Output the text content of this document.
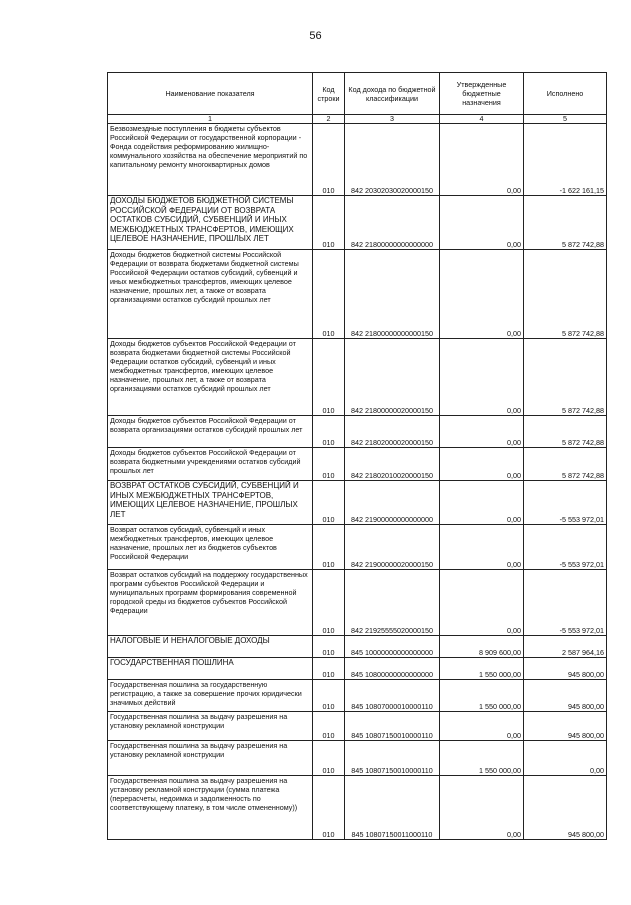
56
Наименование показателя	Код строки	Код дохода по бюджетной классификации	Утвержденные бюджетные назначения	Исполнено
1	2	3	4	5
Безвозмездные поступления в бюджеты субъектов Российской Федерации от государственной корпорации - Фонда содействия реформированию жилищно-коммунального хозяйства на обеспечение мероприятий по капитальному ремонту многоквартирных домов	010	842 20302030020000150	0,00	-1 622 161,15
ДОХОДЫ БЮДЖЕТОВ БЮДЖЕТНОЙ СИСТЕМЫ РОССИЙСКОЙ ФЕДЕРАЦИИ ОТ ВОЗВРАТА ОСТАТКОВ СУБСИДИЙ, СУБВЕНЦИЙ И ИНЫХ МЕЖБЮДЖЕТНЫХ ТРАНСФЕРТОВ, ИМЕЮЩИХ ЦЕЛЕВОЕ НАЗНАЧЕНИЕ, ПРОШЛЫХ ЛЕТ	010	842 21800000000000000	0,00	5 872 742,88
Доходы бюджетов бюджетной системы Российской Федерации от возврата бюджетами бюджетной системы Российской Федерации остатков субсидий, субвенций и иных межбюджетных трансфертов, имеющих целевое назначение, прошлых лет, а также от возврата организациями остатков субсидий прошлых лет	010	842 21800000000000150	0,00	5 872 742,88
Доходы бюджетов субъектов Российской Федерации от возврата бюджетами бюджетной системы Российской Федерации остатков субсидий, субвенций и иных межбюджетных трансфертов, имеющих целевое назначение, прошлых лет, а также от возврата организациями остатков субсидий прошлых лет	010	842 21800000020000150	0,00	5 872 742,88
Доходы бюджетов субъектов Российской Федерации от возврата организациями остатков субсидий прошлых лет	010	842 21802000020000150	0,00	5 872 742,88
Доходы бюджетов субъектов Российской Федерации от возврата бюджетными учреждениями остатков субсидий прошлых лет	010	842 21802010020000150	0,00	5 872 742,88
ВОЗВРАТ ОСТАТКОВ СУБСИДИЙ, СУБВЕНЦИЙ И ИНЫХ МЕЖБЮДЖЕТНЫХ ТРАНСФЕРТОВ, ИМЕЮЩИХ ЦЕЛЕВОЕ НАЗНАЧЕНИЕ, ПРОШЛЫХ ЛЕТ	010	842 21900000000000000	0,00	-5 553 972,01
Возврат остатков субсидий, субвенций и иных межбюджетных трансфертов, имеющих целевое назначение, прошлых лет из бюджетов субъектов Российской Федерации	010	842 21900000020000150	0,00	-5 553 972,01
Возврат остатков субсидий на поддержку государственных программ субъектов Российской Федерации и муниципальных программ формирования современной городской среды из бюджетов субъектов Российской Федерации	010	842 21925555020000150	0,00	-5 553 972,01
НАЛОГОВЫЕ И НЕНАЛОГОВЫЕ ДОХОДЫ	010	845 10000000000000000	8 909 600,00	2 587 964,16
ГОСУДАРСТВЕННАЯ ПОШЛИНА	010	845 10800000000000000	1 550 000,00	945 800,00
Государственная пошлина за государственную регистрацию, а также за совершение прочих юридически значимых действий	010	845 10807000010000110	1 550 000,00	945 800,00
Государственная пошлина за выдачу разрешения на установку рекламной конструкции	010	845 10807150010000110	0,00	945 800,00
Государственная пошлина за выдачу разрешения на установку рекламной конструкции	010	845 10807150010000110	1 550 000,00	0,00
Государственная пошлина за выдачу разрешения на установку рекламной конструкции (сумма платежа (перерасчеты, недоимка и задолженность по соответствующему платежу, в том числе отмененному))	010	845 10807150011000110	0,00	945 800,00
